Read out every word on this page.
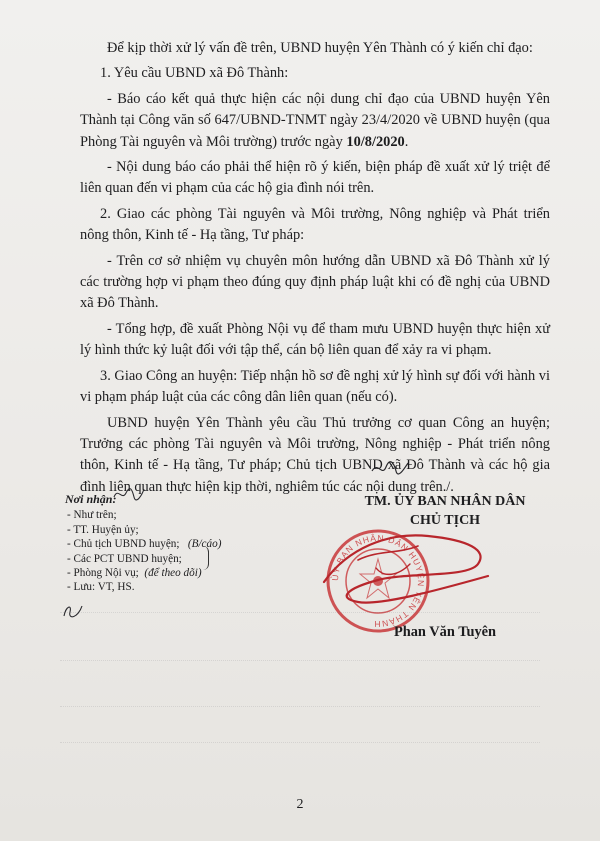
Để kịp thời xử lý vấn đề trên, UBND huyện Yên Thành có ý kiến chỉ đạo:

1. Yêu cầu UBND xã Đô Thành:

- Báo cáo kết quả thực hiện các nội dung chỉ đạo của UBND huyện Yên Thành tại Công văn số 647/UBND-TNMT ngày 23/4/2020 về UBND huyện (qua Phòng Tài nguyên và Môi trường) trước ngày 10/8/2020.

- Nội dung báo cáo phải thể hiện rõ ý kiến, biện pháp đề xuất xử lý triệt để liên quan đến vi phạm của các hộ gia đình nói trên.

2. Giao các phòng Tài nguyên và Môi trường, Nông nghiệp và Phát triển nông thôn, Kinh tế - Hạ tầng, Tư pháp:

- Trên cơ sở nhiệm vụ chuyên môn hướng dẫn UBND xã Đô Thành xử lý các trường hợp vi phạm theo đúng quy định pháp luật khi có đề nghị của UBND xã Đô Thành.

- Tổng hợp, đề xuất Phòng Nội vụ để tham mưu UBND huyện thực hiện xử lý hình thức kỷ luật đối với tập thể, cán bộ liên quan để xảy ra vi phạm.

3. Giao Công an huyện: Tiếp nhận hồ sơ đề nghị xử lý hình sự đối với hành vi vi phạm pháp luật của các công dân liên quan (nếu có).

UBND huyện Yên Thành yêu cầu Thủ trưởng cơ quan Công an huyện; Trưởng các phòng Tài nguyên và Môi trường, Nông nghiệp - Phát triển nông thôn, Kinh tế - Hạ tầng, Tư pháp; Chủ tịch UBND xã Đô Thành và các hộ gia đình liên quan thực hiện kịp thời, nghiêm túc các nội dung trên./.

Nơi nhận:
- Như trên;
- TT. Huyện ủy;
- Chủ tịch UBND huyện; (B/cáo)
- Các PCT UBND huyện;
- Phòng Nội vụ; (để theo dõi)
- Lưu: VT, HS.
TM. ỦY BAN NHÂN DÂN
CHỦ TỊCH
ỦY BAN NHÂN DÂN HUYỆN YÊN THÀNH
Phan Văn Tuyên
2
